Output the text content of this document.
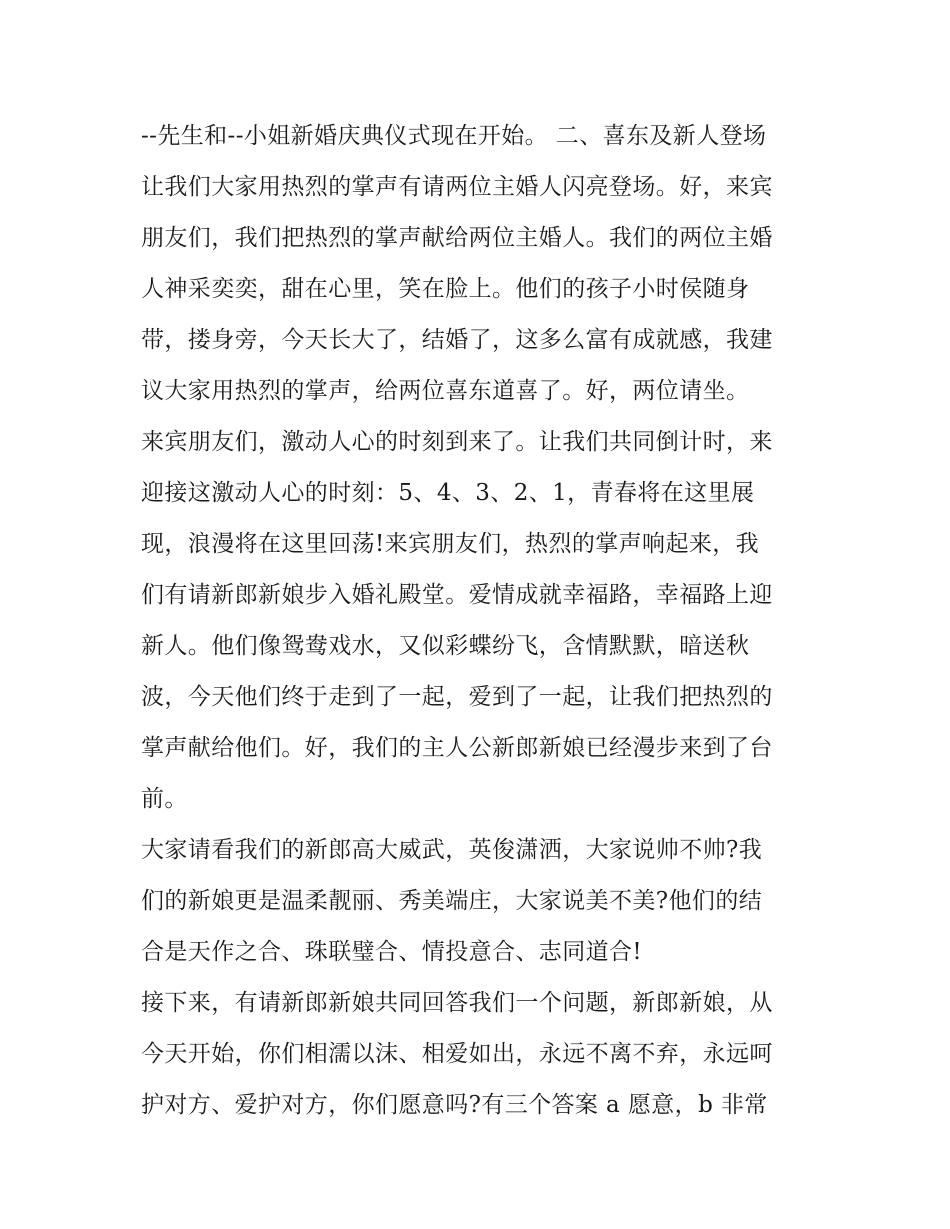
--先生和--小姐新婚庆典仪式现在开始。 二、喜东及新人登场
让我们大家用热烈的掌声有请两位主婚人闪亮登场。好，来宾
朋友们，我们把热烈的掌声献给两位主婚人。我们的两位主婚
人神采奕奕，甜在心里，笑在脸上。他们的孩子小时侯随身
带，搂身旁，今天长大了，结婚了，这多么富有成就感，我建
议大家用热烈的掌声，给两位喜东道喜了。好，两位请坐。
来宾朋友们，激动人心的时刻到来了。让我们共同倒计时，来
迎接这激动人心的时刻：5、4、3、2、1，青春将在这里展
现，浪漫将在这里回荡!来宾朋友们，热烈的掌声响起来，我
们有请新郎新娘步入婚礼殿堂。爱情成就幸福路，幸福路上迎
新人。他们像鸳鸯戏水，又似彩蝶纷飞，含情默默，暗送秋
波，今天他们终于走到了一起，爱到了一起，让我们把热烈的
掌声献给他们。好，我们的主人公新郎新娘已经漫步来到了台
前。
大家请看我们的新郎高大威武，英俊潇洒，大家说帅不帅?我
们的新娘更是温柔靓丽、秀美端庄，大家说美不美?他们的结
合是天作之合、珠联璧合、情投意合、志同道合!
接下来，有请新郎新娘共同回答我们一个问题，新郎新娘，从
今天开始，你们相濡以沫、相爱如出，永远不离不弃，永远呵
护对方、爱护对方，你们愿意吗?有三个答案 a 愿意，b 非常
